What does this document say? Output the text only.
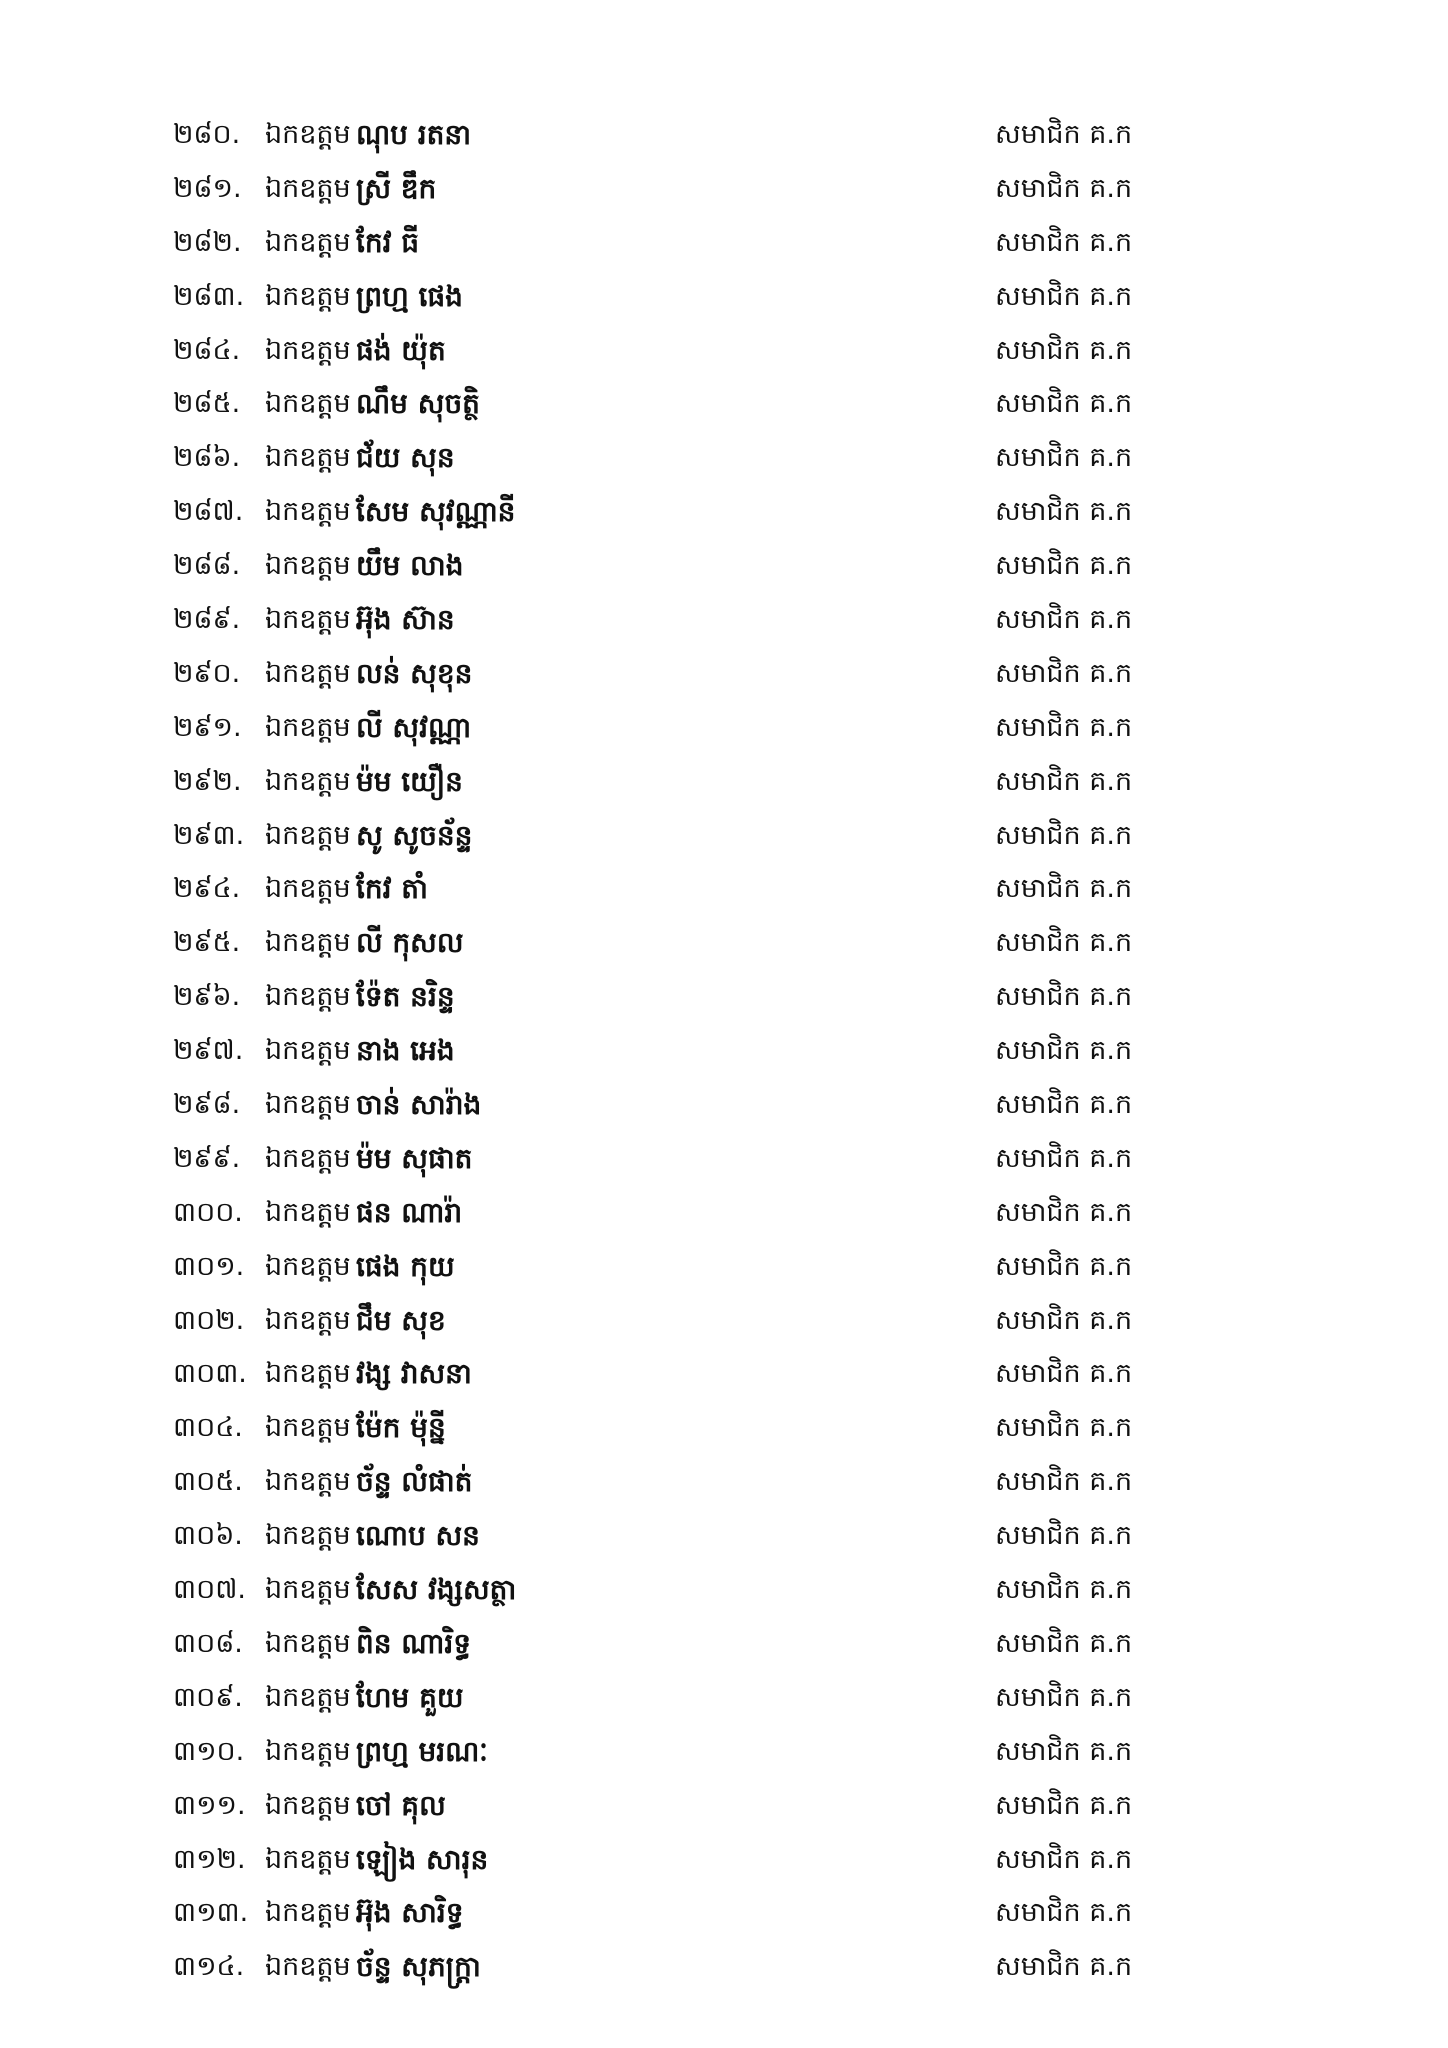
២៨០. ឯកឧត្តម ណុប រតនា	សមាជិក គ.ក
២៨១. ឯកឧត្តម ស្រី ឌឹក	សមាជិក គ.ក
២៨២. ឯកឧត្តម កែវ ធី	សមាជិក គ.ក
២៨៣. ឯកឧត្តម ព្រហ្ម ផេង	សមាជិក គ.ក
២៨៤. ឯកឧត្តម ផង់ យ៉ុត	សមាជិក គ.ក
២៨៥. ឯកឧត្តម ណឹម សុចត្ថិ	សមាជិក គ.ក
២៨៦. ឯកឧត្តម ជ័យ សុន	សមាជិក គ.ក
២៨៧. ឯកឧត្តម សែម សុវណ្ណានី	សមាជិក គ.ក
២៨៨. ឯកឧត្តម យឹម លាង	សមាជិក គ.ក
២៨៩. ឯកឧត្តម អ៊ុង ស៊ាន	សមាជិក គ.ក
២៩០. ឯកឧត្តម លន់ សុខុន	សមាជិក គ.ក
២៩១. ឯកឧត្តម លី សុវណ្ណា	សមាជិក គ.ក
២៩២. ឯកឧត្តម ម៉ម យឿន	សមាជិក គ.ក
២៩៣. ឯកឧត្តម សូ សូចន័ន្ទ	សមាជិក គ.ក
២៩៤. ឯកឧត្តម កែវ តាំ	សមាជិក គ.ក
២៩៥. ឯកឧត្តម លី កុសល	សមាជិក គ.ក
២៩៦. ឯកឧត្តម ទ៉ែត នរិន្ទ	សមាជិក គ.ក
២៩៧. ឯកឧត្តម នាង អេង	សមាជិក គ.ក
២៩៨. ឯកឧត្តម ចាន់ សារ៉ាង	សមាជិក គ.ក
២៩៩. ឯកឧត្តម ម៉ម សុផាត	សមាជិក គ.ក
៣០០. ឯកឧត្តម ផន ណារ៉ា	សមាជិក គ.ក
៣០១. ឯកឧត្តម ផេង កុយ	សមាជិក គ.ក
៣០២. ឯកឧត្តម ជឹម សុខ	សមាជិក គ.ក
៣០៣. ឯកឧត្តម វង្ស វាសនា	សមាជិក គ.ក
៣០៤. ឯកឧត្តម ម៉ែក ម៉ុន្នី	សមាជិក គ.ក
៣០៥. ឯកឧត្តម ច័ន្ទ លំផាត់	សមាជិក គ.ក
៣០៦. ឯកឧត្តម ណោប សន	សមាជិក គ.ក
៣០៧. ឯកឧត្តម សែស វង្សសត្ថា	សមាជិក គ.ក
៣០៨. ឯកឧត្តម ពិន ណារិទ្ធ	សមាជិក គ.ក
៣០៩. ឯកឧត្តម ហែម គួយ	សមាជិក គ.ក
៣១០. ឯកឧត្តម ព្រហ្ម មរណៈ	សមាជិក គ.ក
៣១១. ឯកឧត្តម ចៅ គុល	សមាជិក គ.ក
៣១២. ឯកឧត្តម ឡៀង សារុន	សមាជិក គ.ក
៣១៣. ឯកឧត្តម អ៊ុង សារិទ្ធ	សមាជិក គ.ក
៣១៤. ឯកឧត្តម ច័ន្ទ សុភក្ត្រា	សមាជិក គ.ក
